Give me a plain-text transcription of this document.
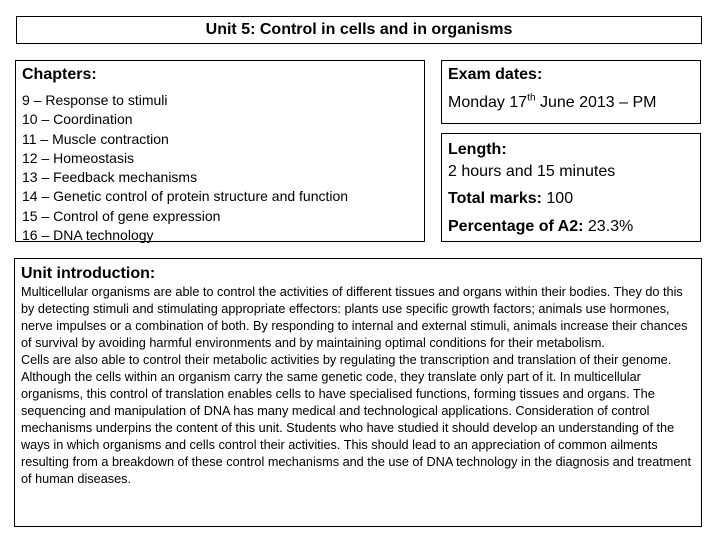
Unit 5: Control in cells and in organisms
Chapters:
9 – Response to stimuli
10 – Coordination
11 – Muscle contraction
12 – Homeostasis
13 – Feedback mechanisms
14 – Genetic control of protein structure and function
15 – Control of gene expression
16 – DNA technology
Exam dates:
Monday 17th June 2013 – PM
Length:
2 hours and 15 minutes
Total marks: 100
Percentage of A2: 23.3%
Unit introduction:

Multicellular organisms are able to control the activities of different tissues and organs within their bodies. They do this by detecting stimuli and stimulating appropriate effectors: plants use specific growth factors; animals use hormones, nerve impulses or a combination of both. By responding to internal and external stimuli, animals increase their chances of survival by avoiding harmful environments and by maintaining optimal conditions for their metabolism.

Cells are also able to control their metabolic activities by regulating the transcription and translation of their genome. Although the cells within an organism carry the same genetic code, they translate only part of it. In multicellular organisms, this control of translation enables cells to have specialised functions, forming tissues and organs. The sequencing and manipulation of DNA has many medical and technological applications. Consideration of control mechanisms underpins the content of this unit. Students who have studied it should develop an understanding of the ways in which organisms and cells control their activities. This should lead to an appreciation of common ailments resulting from a breakdown of these control mechanisms and the use of DNA technology in the diagnosis and treatment of human diseases.
